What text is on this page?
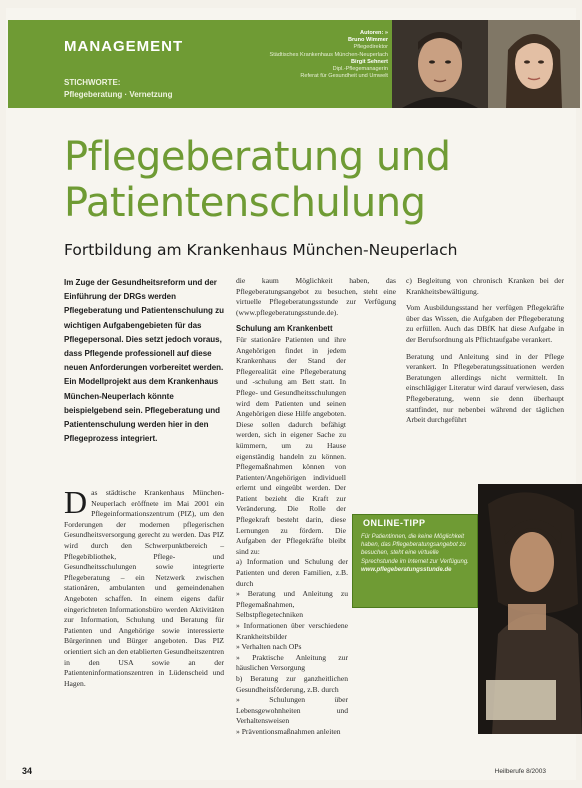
MANAGEMENT
STICHWORTE:
Pflegeberatung · Vernetzung
Autoren: »
Bruno Wimmer
Pflegedirektor
Städtisches Krankenhaus München-Neuperlach
Birgit Sehnert
Dipl.-Pflegemanagerin
Referat für Gesundheit und Umwelt
Pflegeberatung und
Patientenschulung
Fortbildung am Krankenhaus München-Neuperlach
Im Zuge der Gesundheitsreform und der Einführung der DRGs werden Pflegeberatung und Patientenschulung zu wichtigen Aufgabengebieten für das Pflegepersonal. Dies setzt jedoch voraus, dass Pflegende professionell auf diese neuen Anforderungen vorbereitet werden. Ein Modellprojekt aus dem Krankenhaus München-Neuperlach könnte beispielgebend sein. Pflegeberatung und Patientenschulung werden hier in den Pflegeprozess integriert.
D as städtische Krankenhaus München-Neuperlach eröffnete im Mai 2001 ein Pflegeinformationszentrum (PIZ), um den Forderungen der modernen pflegerischen Gesundheitsversorgung gerecht zu werden. Das PIZ wird durch den Schwerpunktbereich – Pflegebibliothek, Pflege- und Gesundheitsschulungen sowie integrierte Pflegeberatung – ein Netzwerk zwischen stationären, ambulanten und gemeindenahen Angeboten schaffen. In einem eigens dafür eingerichteten Informationsbüro werden Aktivitäten zur Information, Schulung und Beratung für Patienten und Angehörige sowie interessierte Bürgerinnen und Bürger angeboten. Das PIZ orientiert sich an den etablierten Gesundheitszentren in den USA sowie an der Patienteninformationszentren in Lüdenscheid und Hagen.

die kaum Möglichkeit haben, das Pflegeberatungsangebot zu besuchen, steht eine virtuelle Pflegeberatungsstunde zur Verfügung (www.pflegeberatungsstunde.de).

Schulung am Krankenbett

Für stationäre Patienten und ihre Angehörigen findet in jedem Krankenhaus der Stand der Pflegerealität eine Pflegeberatung und -schulung am Bett statt. In Pflege- und Gesundheitsschulungen wird dem Patienten und seinen Angehörigen diese Hilfe angeboten. Diese sollen dadurch befähigt werden, sich in eigener Sache zu kümmern, um zu Hause eigenständig handeln zu können. Pflegemaßnahmen können von Patienten/Angehörigen individuell erlernt und eingeübt werden. Der Patient bezieht die Kraft zur Veränderung. Die Rolle der Pflegekraft besteht darin, diese Lernungen zu fördern. Die Aufgaben der Pflegekräfte bleibt sind zu:

a) Information und Schulung der Patienten und deren Familien, z.B. durch

» Beratung und Anleitung zu Pflegemaßnahmen, Selbstpflegetechniken

» Informationen über verschiedene Krankheitsbilder

» Verhalten nach OPs

» Praktische Anleitung zur häuslichen Versorgung

b) Beratung zur ganzheitlichen Gesundheitsförderung, z.B. durch

» Schulungen über Lebensgewohnheiten und Verhaltensweisen

» Präventionsmaßnahmen anleiten

c) Begleitung von chronisch Kranken bei der Krankheitsbewältigung.

Vom Ausbildungsstand her verfügen Pflegekräfte über das Wissen, die Aufgaben der Pflegeberatung zu erfüllen. Auch das DBfK hat diese Aufgabe in der Berufsordnung als Pflichtaufgabe verankert.

Beratung und Anleitung sind in der Pflege verankert. In Pflegeberatungssituationen werden Beratungen allerdings nicht vermittelt. In einschlägiger Literatur wird darauf verwiesen, dass Pflegeberatung, wenn sie denn überhaupt stattfindet, nur nebenbei während der täglichen Arbeit durchgeführt

ONLINE-TIPP
Für Patientinnen, die keine Möglichkeit haben, das Pflegeberatungsangebot zu besuchen, steht eine virtuelle Sprechstunde im Internet zur Verfügung. www.pflegeberatungsstunde.de
34	Heilberufe 8/2003
